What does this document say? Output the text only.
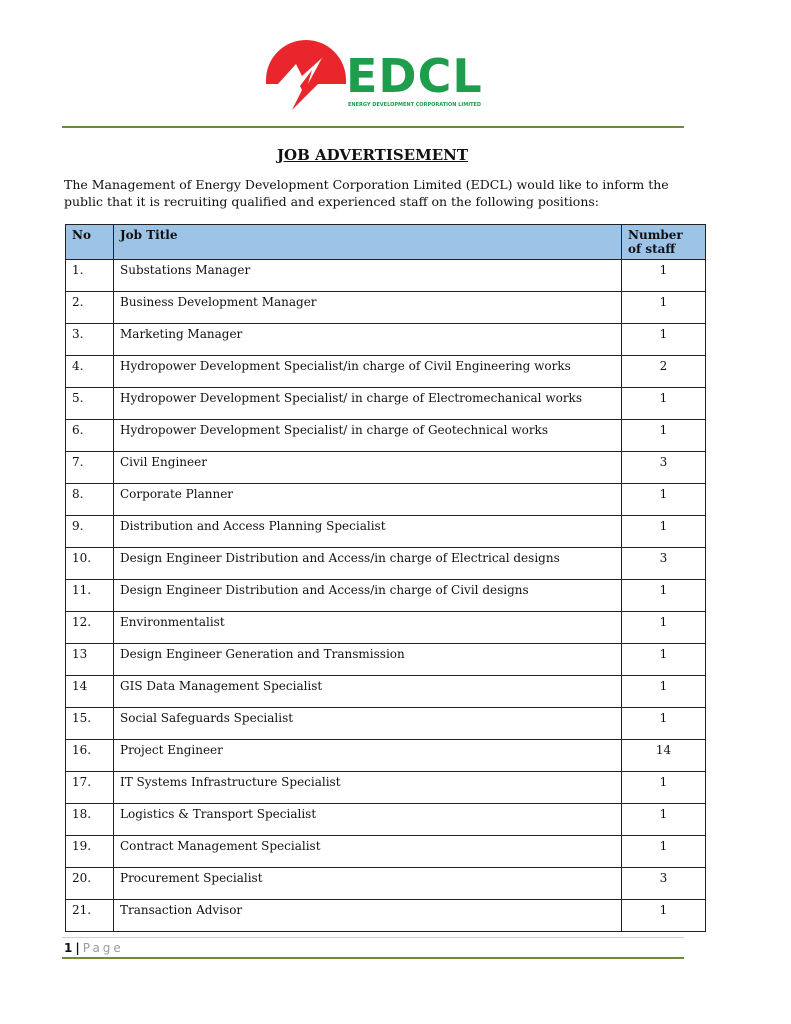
EDCL
ENERGY DEVELOPMENT CORPORATION LIMITED
JOB ADVERTISEMENT
The Management of Energy Development Corporation Limited (EDCL) would like to inform the public that it is recruiting qualified and experienced staff on the following positions:
No	Job Title	Number of staff
1.	Substations Manager	1
2.	Business Development Manager	1
3.	Marketing Manager	1
4.	Hydropower Development Specialist/in charge of Civil Engineering works	2
5.	Hydropower Development Specialist/ in charge of Electromechanical works	1
6.	Hydropower Development Specialist/ in charge of Geotechnical works	1
7.	Civil Engineer	3
8.	Corporate Planner	1
9.	Distribution and Access Planning Specialist	1
10.	Design Engineer Distribution and Access/in charge of Electrical designs	3
11.	Design Engineer Distribution and Access/in charge of Civil designs	1
12.	Environmentalist	1
13	Design Engineer Generation and Transmission	1
14	GIS Data Management Specialist	1
15.	Social Safeguards Specialist	1
16.	Project Engineer	14
17.	IT Systems Infrastructure Specialist	1
18.	Logistics & Transport Specialist	1
19.	Contract Management Specialist	1
20.	Procurement Specialist	3
21.	Transaction Advisor	1
1 | Page
